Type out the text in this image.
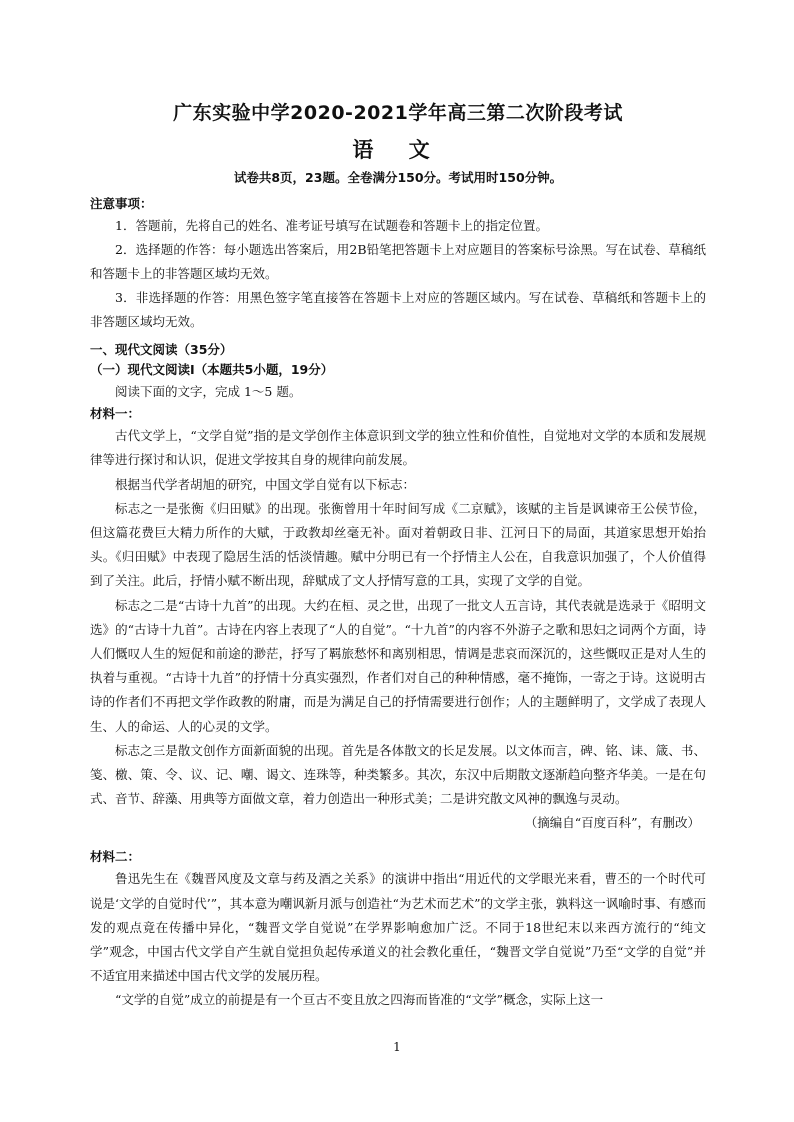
广东实验中学2020-2021学年高三第二次阶段考试
语 文

试卷共8页，23题。全卷满分150分。考试用时150分钟。

注意事项：

1．答题前，先将自己的姓名、准考证号填写在试题卷和答题卡上的指定位置。

2．选择题的作答：每小题选出答案后，用2B铅笔把答题卡上对应题目的答案标号涂黑。写在试卷、草稿纸和答题卡上的非答题区域均无效。

3．非选择题的作答：用黑色签字笔直接答在答题卡上对应的答题区域内。写在试卷、草稿纸和答题卡上的非答题区域均无效。

一、现代文阅读（35分）

（一）现代文阅读Ⅰ（本题共5小题，19分）

阅读下面的文字，完成 1～5 题。

材料一：

古代文学上，“文学自觉”指的是文学创作主体意识到文学的独立性和价值性，自觉地对文学的本质和发展规律等进行探讨和认识，促进文学按其自身的规律向前发展。

根据当代学者胡旭的研究，中国文学自觉有以下标志：

标志之一是张衡《归田赋》的出现。张衡曾用十年时间写成《二京赋》，该赋的主旨是讽谏帝王公侯节俭，但这篇花费巨大精力所作的大赋，于政教却丝毫无补。面对着朝政日非、江河日下的局面，其道家思想开始抬头。《归田赋》中表现了隐居生活的恬淡情趣。赋中分明已有一个抒情主人公在，自我意识加强了，个人价值得到了关注。此后，抒情小赋不断出现，辞赋成了文人抒情写意的工具，实现了文学的自觉。

标志之二是“古诗十九首”的出现。大约在桓、灵之世，出现了一批文人五言诗，其代表就是选录于《昭明文选》的“古诗十九首”。古诗在内容上表现了“人的自觉”。“十九首”的内容不外游子之歌和思妇之词两个方面，诗人们慨叹人生的短促和前途的渺茫，抒写了羁旅愁怀和离别相思，情调是悲哀而深沉的，这些慨叹正是对人生的执着与重视。“古诗十九首”的抒情十分真实强烈，作者们对自己的种种情感，毫不掩饰，一寄之于诗。这说明古诗的作者们不再把文学作政教的附庸，而是为满足自己的抒情需要进行创作；人的主题鲜明了，文学成了表现人生、人的命运、人的心灵的文学。

标志之三是散文创作方面新面貌的出现。首先是各体散文的长足发展。以文体而言，碑、铭、诔、箴、书、笺、檄、策、令、议、记、嘲、谒文、连珠等，种类繁多。其次，东汉中后期散文逐渐趋向整齐华美。一是在句式、音节、辞藻、用典等方面做文章，着力创造出一种形式美；二是讲究散文风神的飘逸与灵动。

（摘编自“百度百科”，有删改）

材料二：

鲁迅先生在《魏晋风度及文章与药及酒之关系》的演讲中指出“用近代的文学眼光来看，曹丕的一个时代可说是‘文学的自觉时代’”，其本意为嘲讽新月派与创造社“为艺术而艺术”的文学主张，孰料这一讽喻时事、有感而发的观点竟在传播中异化，“魏晋文学自觉说”在学界影响愈加广泛。不同于18世纪末以来西方流行的“纯文学”观念，中国古代文学自产生就自觉担负起传承道义的社会教化重任，“魏晋文学自觉说”乃至“文学的自觉”并不适宜用来描述中国古代文学的发展历程。

“文学的自觉”成立的前提是有一个亘古不变且放之四海而皆准的“文学”概念，实际上这一

1
